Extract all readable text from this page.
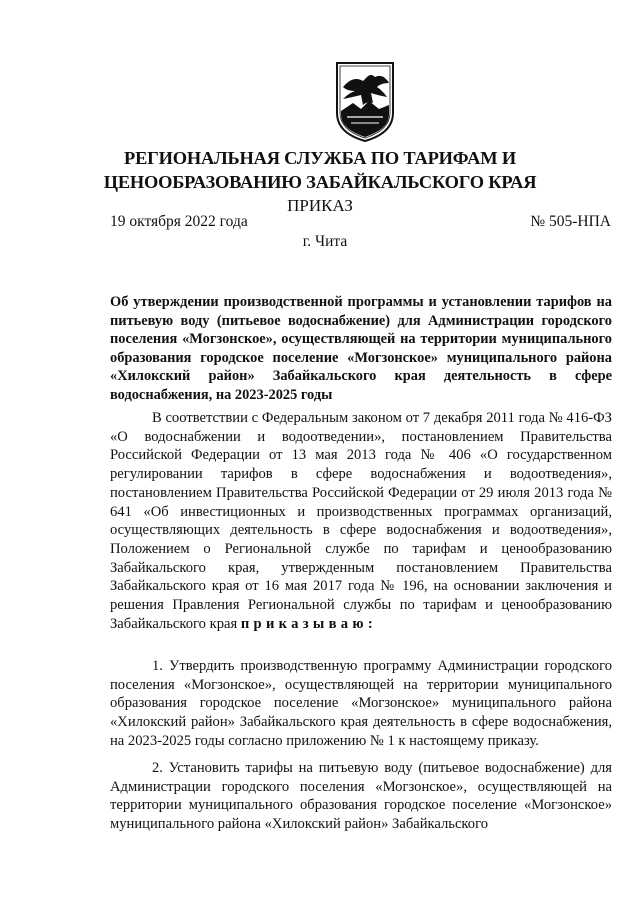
РЕГИОНАЛЬНАЯ СЛУЖБА ПО ТАРИФАМ И ЦЕНООБРАЗОВАНИЮ ЗАБАЙКАЛЬСКОГО КРАЯ
ПРИКАЗ
19 октября 2022 года	№ 505-НПА
г. Чита
Об утверждении производственной программы и установлении тарифов на питьевую воду (питьевое водоснабжение) для Администрации городского поселения «Могзонское», осуществляющей на территории муниципального образования городское поселение «Могзонское» муниципального района «Хилокский район» Забайкальского края деятельность в сфере водоснабжения, на 2023-2025 годы

В соответствии с Федеральным законом от 7 декабря 2011 года № 416-ФЗ «О водоснабжении и водоотведении», постановлением Правительства Российской Федерации от 13 мая 2013 года № 406 «О государственном регулировании тарифов в сфере водоснабжения и водоотведения», постановлением Правительства Российской Федерации от 29 июля 2013 года № 641 «Об инвестиционных и производственных программах организаций, осуществляющих деятельность в сфере водоснабжения и водоотведения», Положением о Региональной службе по тарифам и ценообразованию Забайкальского края, утвержденным постановлением Правительства Забайкальского края от 16 мая 2017 года № 196, на основании заключения и решения Правления Региональной службы по тарифам и ценообразованию Забайкальского края приказываю:

1. Утвердить производственную программу Администрации городского поселения «Могзонское», осуществляющей на территории муниципального образования городское поселение «Могзонское» муниципального района «Хилокский район» Забайкальского края деятельность в сфере водоснабжения, на 2023-2025 годы согласно приложению № 1 к настоящему приказу.

2. Установить тарифы на питьевую воду (питьевое водоснабжение) для Администрации городского поселения «Могзонское», осуществляющей на территории муниципального образования городское поселение «Могзонское» муниципального района «Хилокский район» Забайкальского
